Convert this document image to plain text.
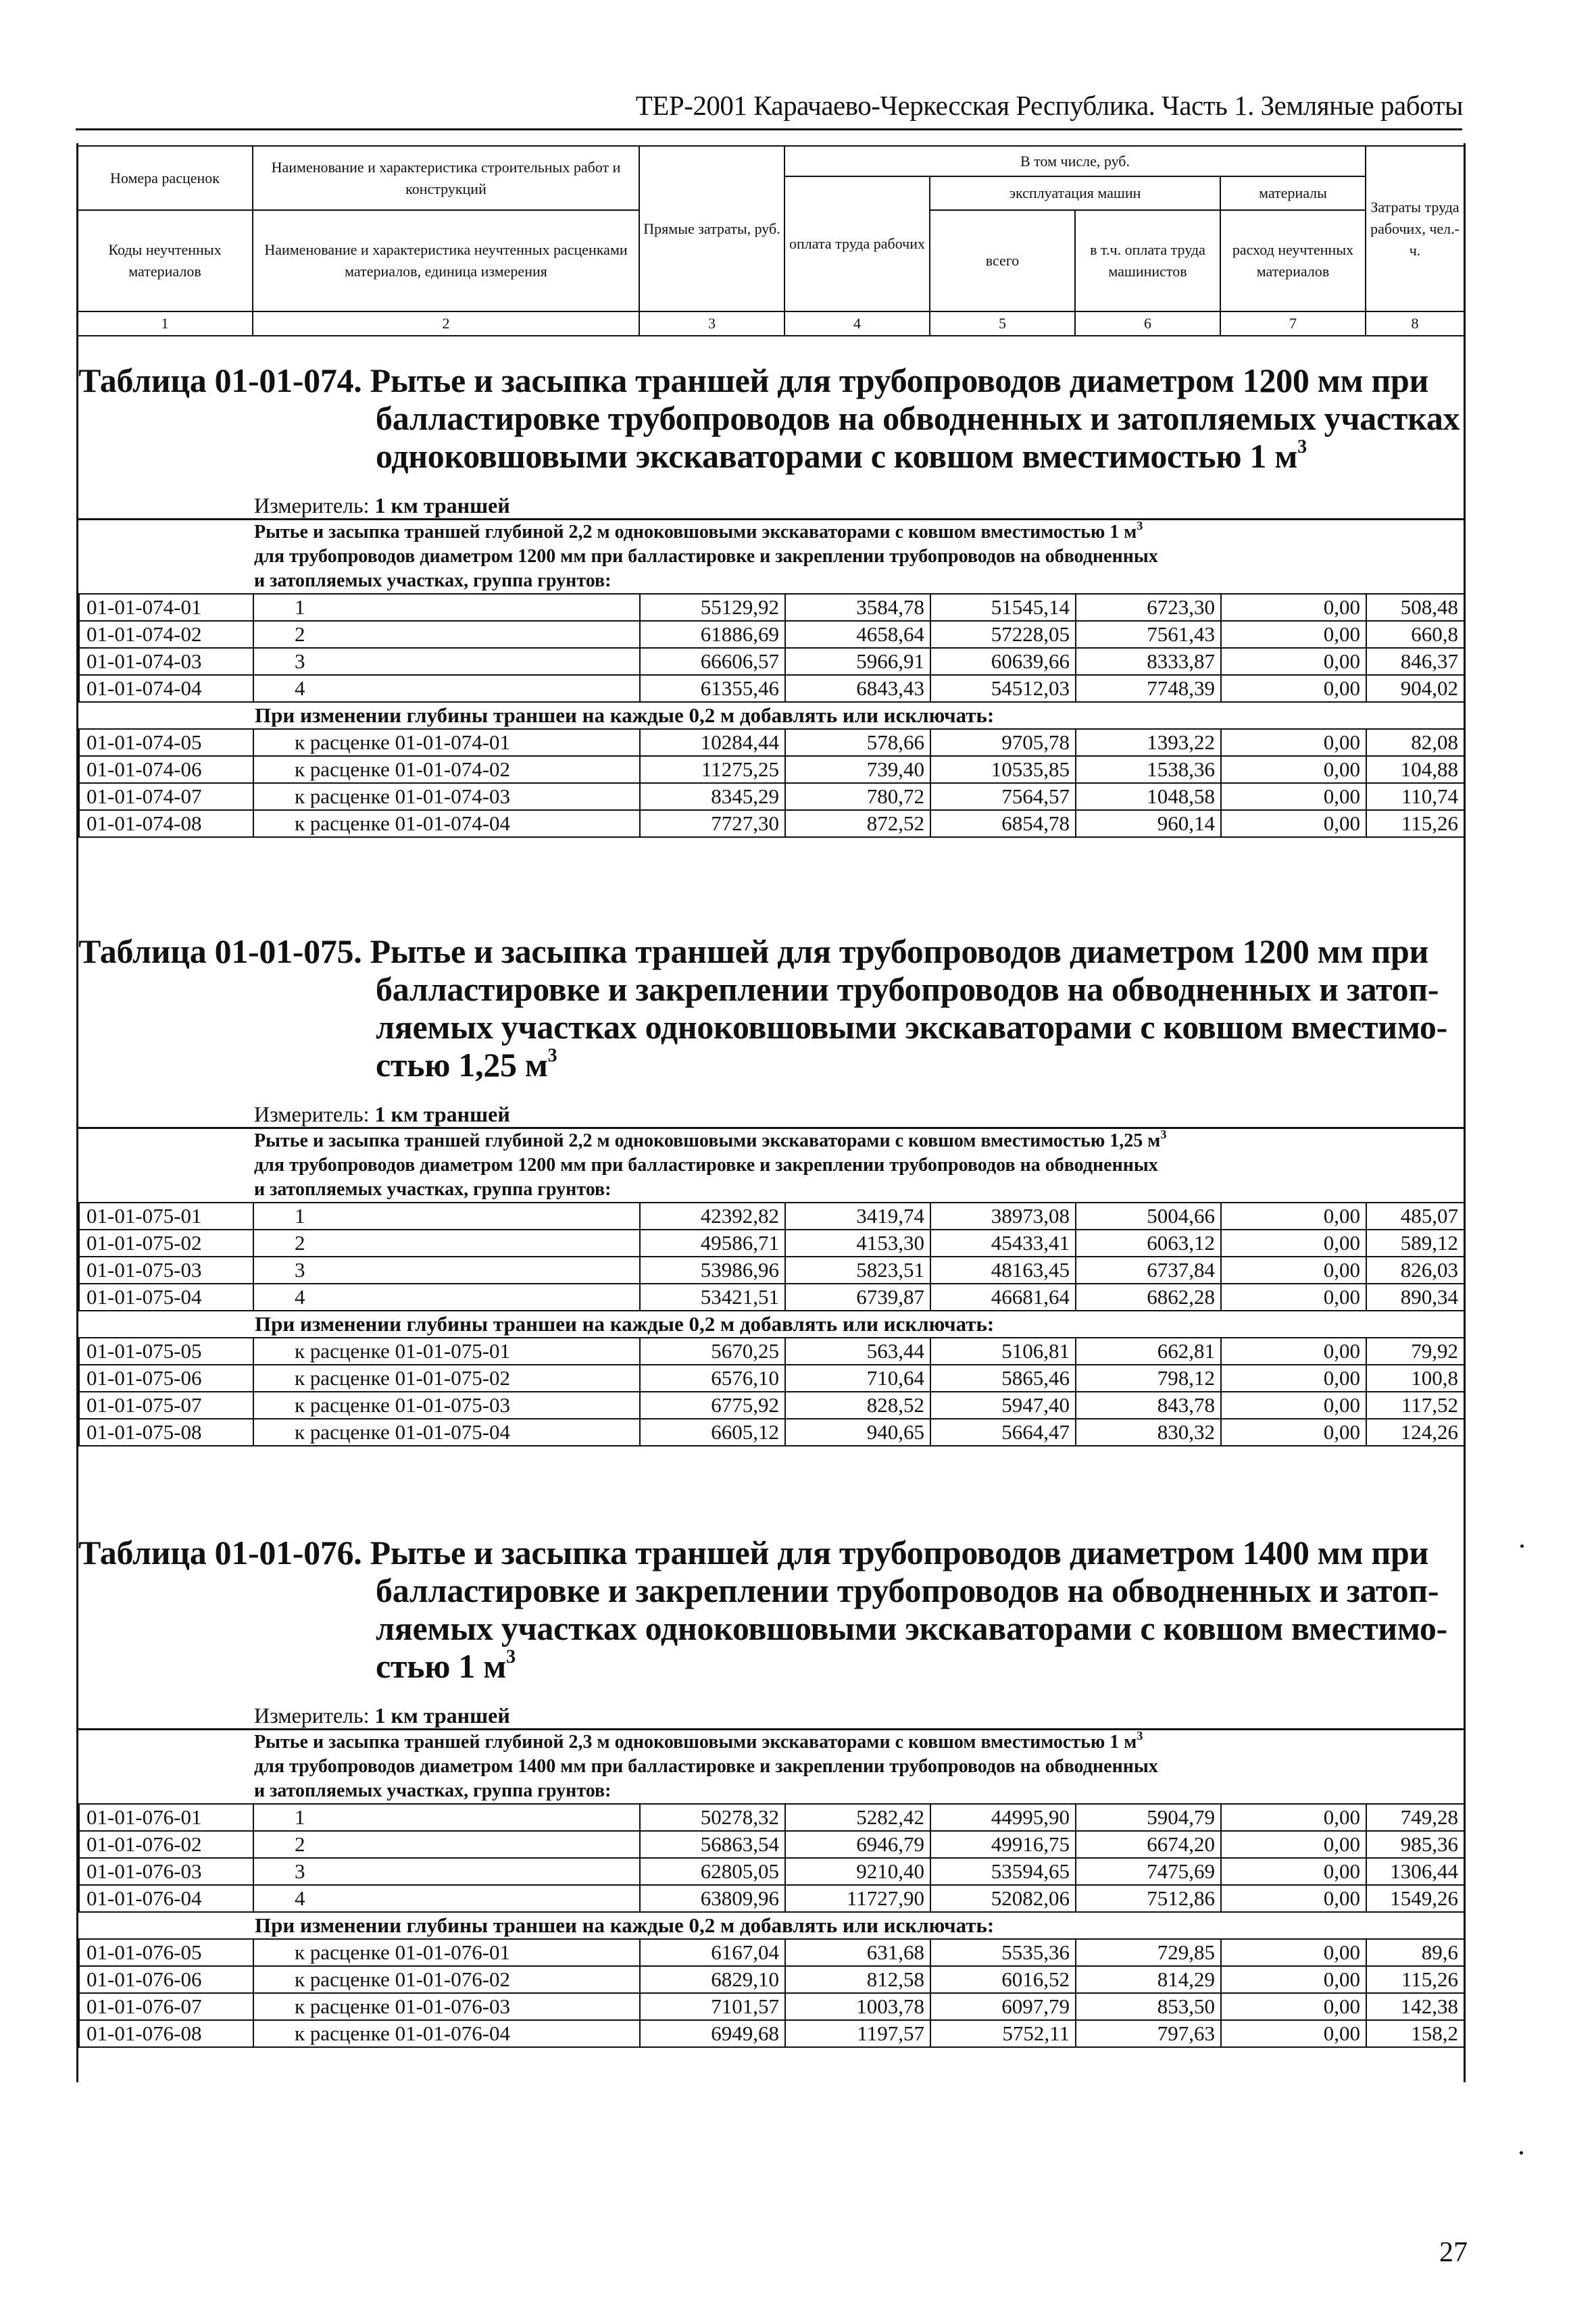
ТЕР-2001 Карачаево-Черкесская Республика. Часть 1. Земляные работы
Номера расценок	Наименование и характеристика строительных работ и конструкций	Прямые затраты, руб.	В том числе, руб.				Затраты труда рабочих, чел.-ч.
			оплата труда рабочих	эксплуатация машин		материалы	
Коды неучтенных материалов	Наименование и характеристика неучтенных расценками материалов, единица измерения			всего	в т.ч. оплата труда машинистов	расход неучтенных материалов	

1	2	3	4	5	6	7	8
Таблица 01-01-074. Рытье и засыпка траншей для трубопроводов диаметром 1200 мм при
балластировке трубопроводов на обводненных и затопляемых участках
одноковшовыми экскаваторами с ковшом вместимостью 1 $м^3$
Измеритель: 1 км траншей
Рытье и засыпка траншей глубиной 2,2 м одноковшовыми экскаваторами с ковшом вместимостью 1 $м^3$
для трубопроводов диаметром 1200 мм при балластировке и закреплении трубопроводов на обводненных
и затопляемых участках, группа грунтов:
01-01-074-01	1	55129,92	3584,78	51545,14	6723,30	0,00	508,48
01-01-074-02	2	61886,69	4658,64	57228,05	7561,43	0,00	660,8
01-01-074-03	3	66606,57	5966,91	60639,66	8333,87	0,00	846,37
01-01-074-04	4	61355,46	6843,43	54512,03	7748,39	0,00	904,02
При изменении глубины траншеи на каждые 0,2 м добавлять или исключать:							
01-01-074-05	к расценке 01-01-074-01	10284,44	578,66	9705,78	1393,22	0,00	82,08
01-01-074-06	к расценке 01-01-074-02	11275,25	739,40	10535,85	1538,36	0,00	104,88
01-01-074-07	к расценке 01-01-074-03	8345,29	780,72	7564,57	1048,58	0,00	110,74
01-01-074-08	к расценке 01-01-074-04	7727,30	872,52	6854,78	960,14	0,00	115,26
Таблица 01-01-075. Рытье и засыпка траншей для трубопроводов диаметром 1200 мм при
балластировке и закреплении трубопроводов на обводненных и затоп-
ляемых участках одноковшовыми экскаваторами с ковшом вместимо-
стью 1,25 $м^3$
Измеритель: 1 км траншей
Рытье и засыпка траншей глубиной 2,2 м одноковшовыми экскаваторами с ковшом вместимостью 1,25 $м^3$
для трубопроводов диаметром 1200 мм при балластировке и закреплении трубопроводов на обводненных
и затопляемых участках, группа грунтов:
01-01-075-01	1	42392,82	3419,74	38973,08	5004,66	0,00	485,07
01-01-075-02	2	49586,71	4153,30	45433,41	6063,12	0,00	589,12
01-01-075-03	3	53986,96	5823,51	48163,45	6737,84	0,00	826,03
01-01-075-04	4	53421,51	6739,87	46681,64	6862,28	0,00	890,34
При изменении глубины траншеи на каждые 0,2 м добавлять или исключать:							
01-01-075-05	к расценке 01-01-075-01	5670,25	563,44	5106,81	662,81	0,00	79,92
01-01-075-06	к расценке 01-01-075-02	6576,10	710,64	5865,46	798,12	0,00	100,8
01-01-075-07	к расценке 01-01-075-03	6775,92	828,52	5947,40	843,78	0,00	117,52
01-01-075-08	к расценке 01-01-075-04	6605,12	940,65	5664,47	830,32	0,00	124,26
Таблица 01-01-076. Рытье и засыпка траншей для трубопроводов диаметром 1400 мм при
балластировке и закреплении трубопроводов на обводненных и затоп-
ляемых участках одноковшовыми экскаваторами с ковшом вместимо-
стью 1 $м^3$
Измеритель: 1 км траншей
Рытье и засыпка траншей глубиной 2,3 м одноковшовыми экскаваторами с ковшом вместимостью 1 $м^3$
для трубопроводов диаметром 1400 мм при балластировке и закреплении трубопроводов на обводненных
и затопляемых участках, группа грунтов:
01-01-076-01	1	50278,32	5282,42	44995,90	5904,79	0,00	749,28
01-01-076-02	2	56863,54	6946,79	49916,75	6674,20	0,00	985,36
01-01-076-03	3	62805,05	9210,40	53594,65	7475,69	0,00	1306,44
01-01-076-04	4	63809,96	11727,90	52082,06	7512,86	0,00	1549,26
При изменении глубины траншеи на каждые 0,2 м добавлять или исключать:							
01-01-076-05	к расценке 01-01-076-01	6167,04	631,68	5535,36	729,85	0,00	89,6
01-01-076-06	к расценке 01-01-076-02	6829,10	812,58	6016,52	814,29	0,00	115,26
01-01-076-07	к расценке 01-01-076-03	7101,57	1003,78	6097,79	853,50	0,00	142,38
01-01-076-08	к расценке 01-01-076-04	6949,68	1197,57	5752,11	797,63	0,00	158,2
27
